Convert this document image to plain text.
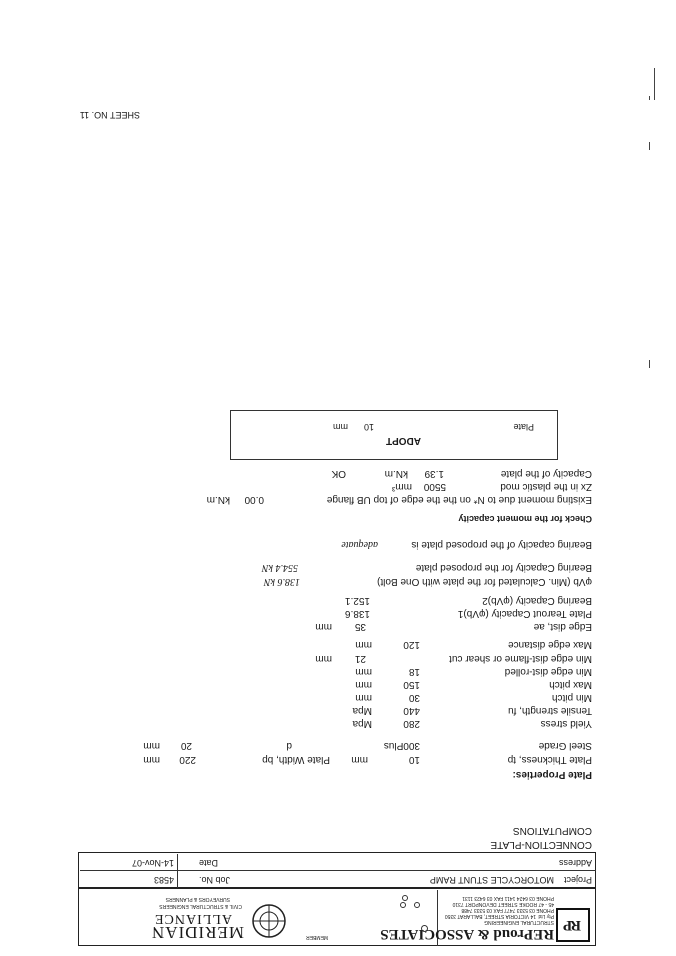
RP
REProud & ASSOCIATES
STRUCTURAL ENGINEERING
Pty Ltd
14 VICTORIA STREET, BALLARAT 3350
PHONE 03 5333 7477 FAX 03 5333 7488
45 - 47 ROOKE STREET DEVONPORT 7310
PHONE 03 6424 1411 FAX 03 6423 1131
MEMBER
MERIDIAN
ALLIANCE
CIVIL & STRUCTURAL ENGINEERS
SURVEYORS & PLANNERS
Project
MOTORCYCLE STUNT RAMP
Job No.
4583
Address
Date
14-Nov-07
CONNECTION-PLATE
COMPUTATIONS
Plate Properties:
Plate Thickness, tp
10
mm
Plate Width, bp
220
mm
Steel Grade
300Plus
d
20
mm
Yield stress
280
Mpa
Tensile strength, fu
440
Mpa
Min pitch
30
mm
Max pitch
150
mm
Min edge dist-rolled
18
mm
Min edge dist-flame or shear cut
21
mm
Max edge distance
120
mm
Edge dist, ae
35
mm
Plate Tearout Capacity (φVb)1
138.6
Bearing Capacity (φVb)2
152.1
φVb (Min. Calculated for the plate with One Bolt)
138.6 kN
Bearing Capacity for the proposed plate
554.4 kN
Bearing capacity of the proposed plate is
adequate
Check for the moment capacity
Existing moment due to N* on the the edge of top UB flange
0.00
kN.m
Zx in the plastic mod
5500
mm³
Capacity of the plate
1.39
kN.m
OK
ADOPT
Plate
10
mm
SHEET NO. 11
